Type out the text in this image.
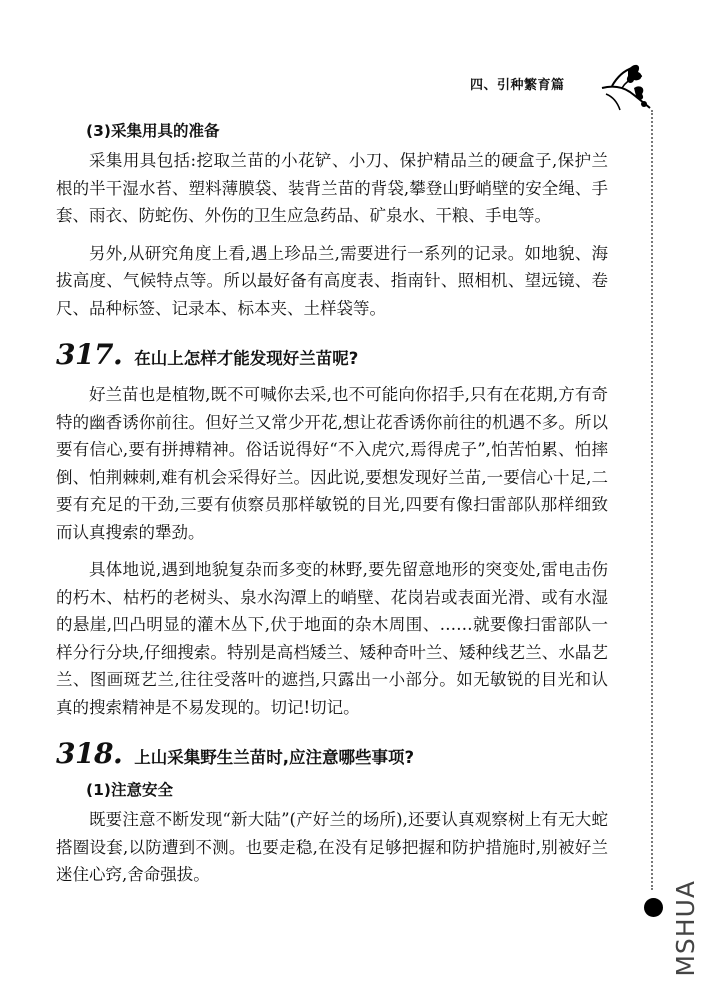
四、引种繁育篇
MSHUA
(3)采集用具的准备

采集用具包括:挖取兰苗的小花铲、小刀、保护精品兰的硬盒子,保护兰根的半干湿水苔、塑料薄膜袋、装背兰苗的背袋,攀登山野峭壁的安全绳、手套、雨衣、防蛇伤、外伤的卫生应急药品、矿泉水、干粮、手电等。

另外,从研究角度上看,遇上珍品兰,需要进行一系列的记录。如地貌、海拔高度、气候特点等。所以最好备有高度表、指南针、照相机、望远镜、卷尺、品种标签、记录本、标本夹、土样袋等。

317. 在山上怎样才能发现好兰苗呢?

好兰苗也是植物,既不可喊你去采,也不可能向你招手,只有在花期,方有奇特的幽香诱你前往。但好兰又常少开花,想让花香诱你前往的机遇不多。所以要有信心,要有拼搏精神。俗话说得好“不入虎穴,焉得虎子”,怕苦怕累、怕摔倒、怕荆棘刺,难有机会采得好兰。因此说,要想发现好兰苗,一要信心十足,二要有充足的干劲,三要有侦察员那样敏锐的目光,四要有像扫雷部队那样细致而认真搜索的犟劲。

具体地说,遇到地貌复杂而多变的林野,要先留意地形的突变处,雷电击伤的朽木、枯朽的老树头、泉水沟潭上的峭壁、花岗岩或表面光滑、或有水湿的悬崖,凹凸明显的灌木丛下,伏于地面的杂木周围、……就要像扫雷部队一样分行分块,仔细搜索。特别是高档矮兰、矮种奇叶兰、矮种线艺兰、水晶艺兰、图画斑艺兰,往往受落叶的遮挡,只露出一小部分。如无敏锐的目光和认真的搜索精神是不易发现的。切记!切记。

318. 上山采集野生兰苗时,应注意哪些事项?
(1)注意安全

既要注意不断发现“新大陆”(产好兰的场所),还要认真观察树上有无大蛇搭圈设套,以防遭到不测。也要走稳,在没有足够把握和防护措施时,别被好兰迷住心窍,舍命强拔。
